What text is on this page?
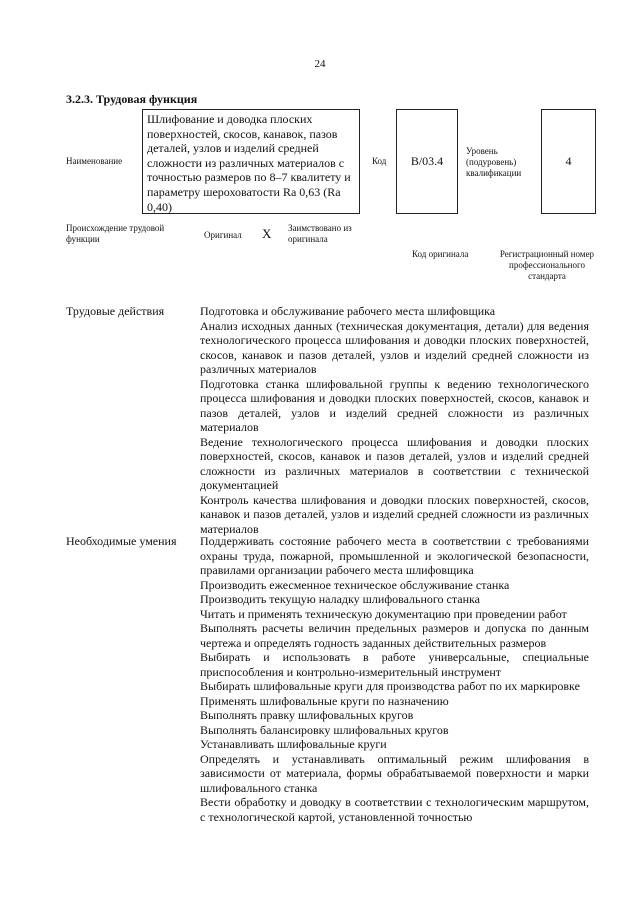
24
3.2.3. Трудовая функция
Наименование
Шлифование и доводка плоских поверхностей, скосов, канавок, пазов деталей, узлов и изделий средней сложности из различных материалов с точностью размеров по 8–7 квалитету и параметру шероховатости Ra 0,63 (Ra 0,40)
Код	B/03.4
Уровень (подуровень) квалификации
4
Происхождение трудовой функции	Оригинал X Заимствовано из оригинала
Код оригинала	Регистрационный номер профессионального стандарта
Трудовые действия	Подготовка и обслуживание рабочего места шлифовщика

Анализ исходных данных (техническая документация, детали) для ведения технологического процесса шлифования и доводки плоских поверхностей, скосов, канавок и пазов деталей, узлов и изделий средней сложности из различных материалов

Подготовка станка шлифовальной группы к ведению технологического процесса шлифования и доводки плоских поверхностей, скосов, канавок и пазов деталей, узлов и изделий средней сложности из различных материалов

Ведение технологического процесса шлифования и доводки плоских поверхностей, скосов, канавок и пазов деталей, узлов и изделий средней сложности из различных материалов в соответствии с технической документацией

Контроль качества шлифования и доводки плоских поверхностей, скосов, канавок и пазов деталей, узлов и изделий средней сложности из различных материалов

Необходимые умения Поддерживать состояние рабочего места в соответствии с требованиями охраны труда, пожарной, промышленной и экологической безопасности, правилами организации рабочего места шлифовщика

Производить ежесменное техническое обслуживание станка

Производить текущую наладку шлифовального станка

Читать и применять техническую документацию при проведении работ

Выполнять расчеты величин предельных размеров и допуска по данным чертежа и определять годность заданных действительных размеров

Выбирать и использовать в работе универсальные, специальные приспособления и контрольно-измерительный инструмент

Выбирать шлифовальные круги для производства работ по их маркировке

Применять шлифовальные круги по назначению

Выполнять правку шлифовальных кругов

Выполнять балансировку шлифовальных кругов

Устанавливать шлифовальные круги

Определять и устанавливать оптимальный режим шлифования в зависимости от материала, формы обрабатываемой поверхности и марки шлифовального станка

Вести обработку и доводку в соответствии с технологическим маршрутом, с технологической картой, установленной точностью
